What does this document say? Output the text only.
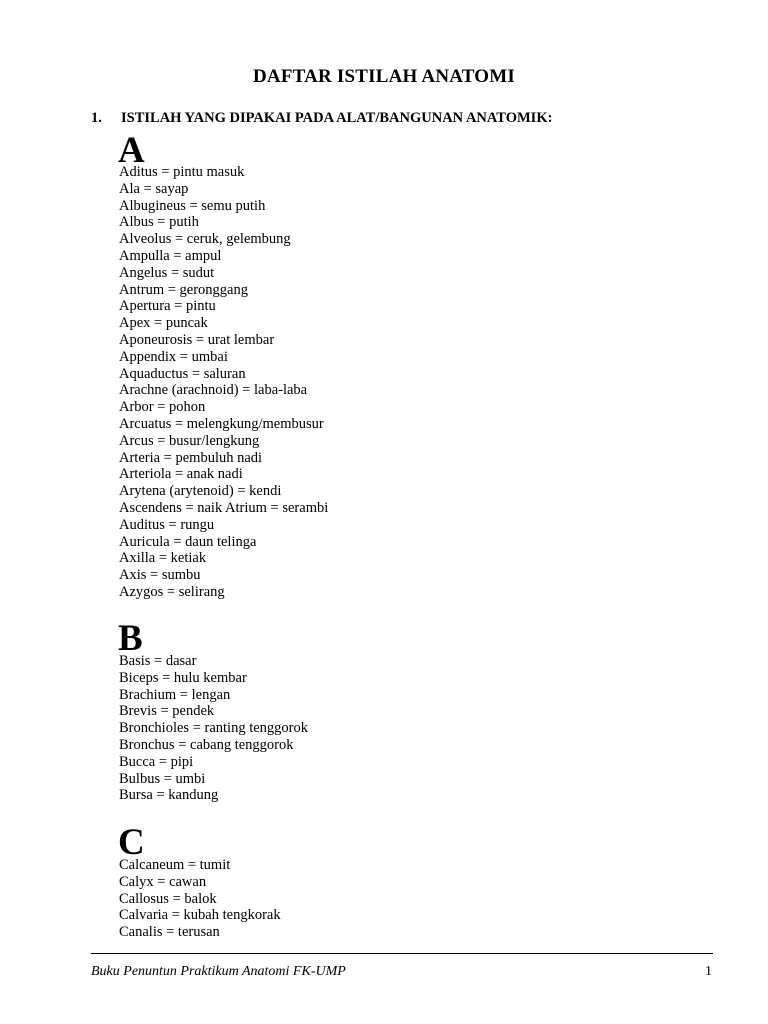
DAFTAR ISTILAH ANATOMI
1. ISTILAH YANG DIPAKAI PADA ALAT/BANGUNAN ANATOMIK:
A
Aditus = pintu masuk
Ala = sayap
Albugineus = semu putih
Albus = putih
Alveolus = ceruk, gelembung
Ampulla = ampul
Angelus = sudut
Antrum = geronggang
Apertura = pintu
Apex = puncak
Aponeurosis = urat lembar
Appendix = umbai
Aquaductus = saluran
Arachne (arachnoid) = laba-laba
Arbor = pohon
Arcuatus = melengkung/membusur
Arcus = busur/lengkung
Arteria = pembuluh nadi
Arteriola = anak nadi
Arytena (arytenoid) = kendi
Ascendens = naik Atrium = serambi
Auditus = rungu
Auricula = daun telinga
Axilla = ketiak
Axis = sumbu
Azygos = selirang
B
Basis = dasar
Biceps = hulu kembar
Brachium = lengan
Brevis = pendek
Bronchioles = ranting tenggorok
Bronchus = cabang tenggorok
Bucca = pipi
Bulbus = umbi
Bursa = kandung
C
Calcaneum = tumit
Calyx = cawan
Callosus = balok
Calvaria = kubah tengkorak
Canalis = terusan
Buku Penuntun Praktikum Anatomi FK-UMP	1
